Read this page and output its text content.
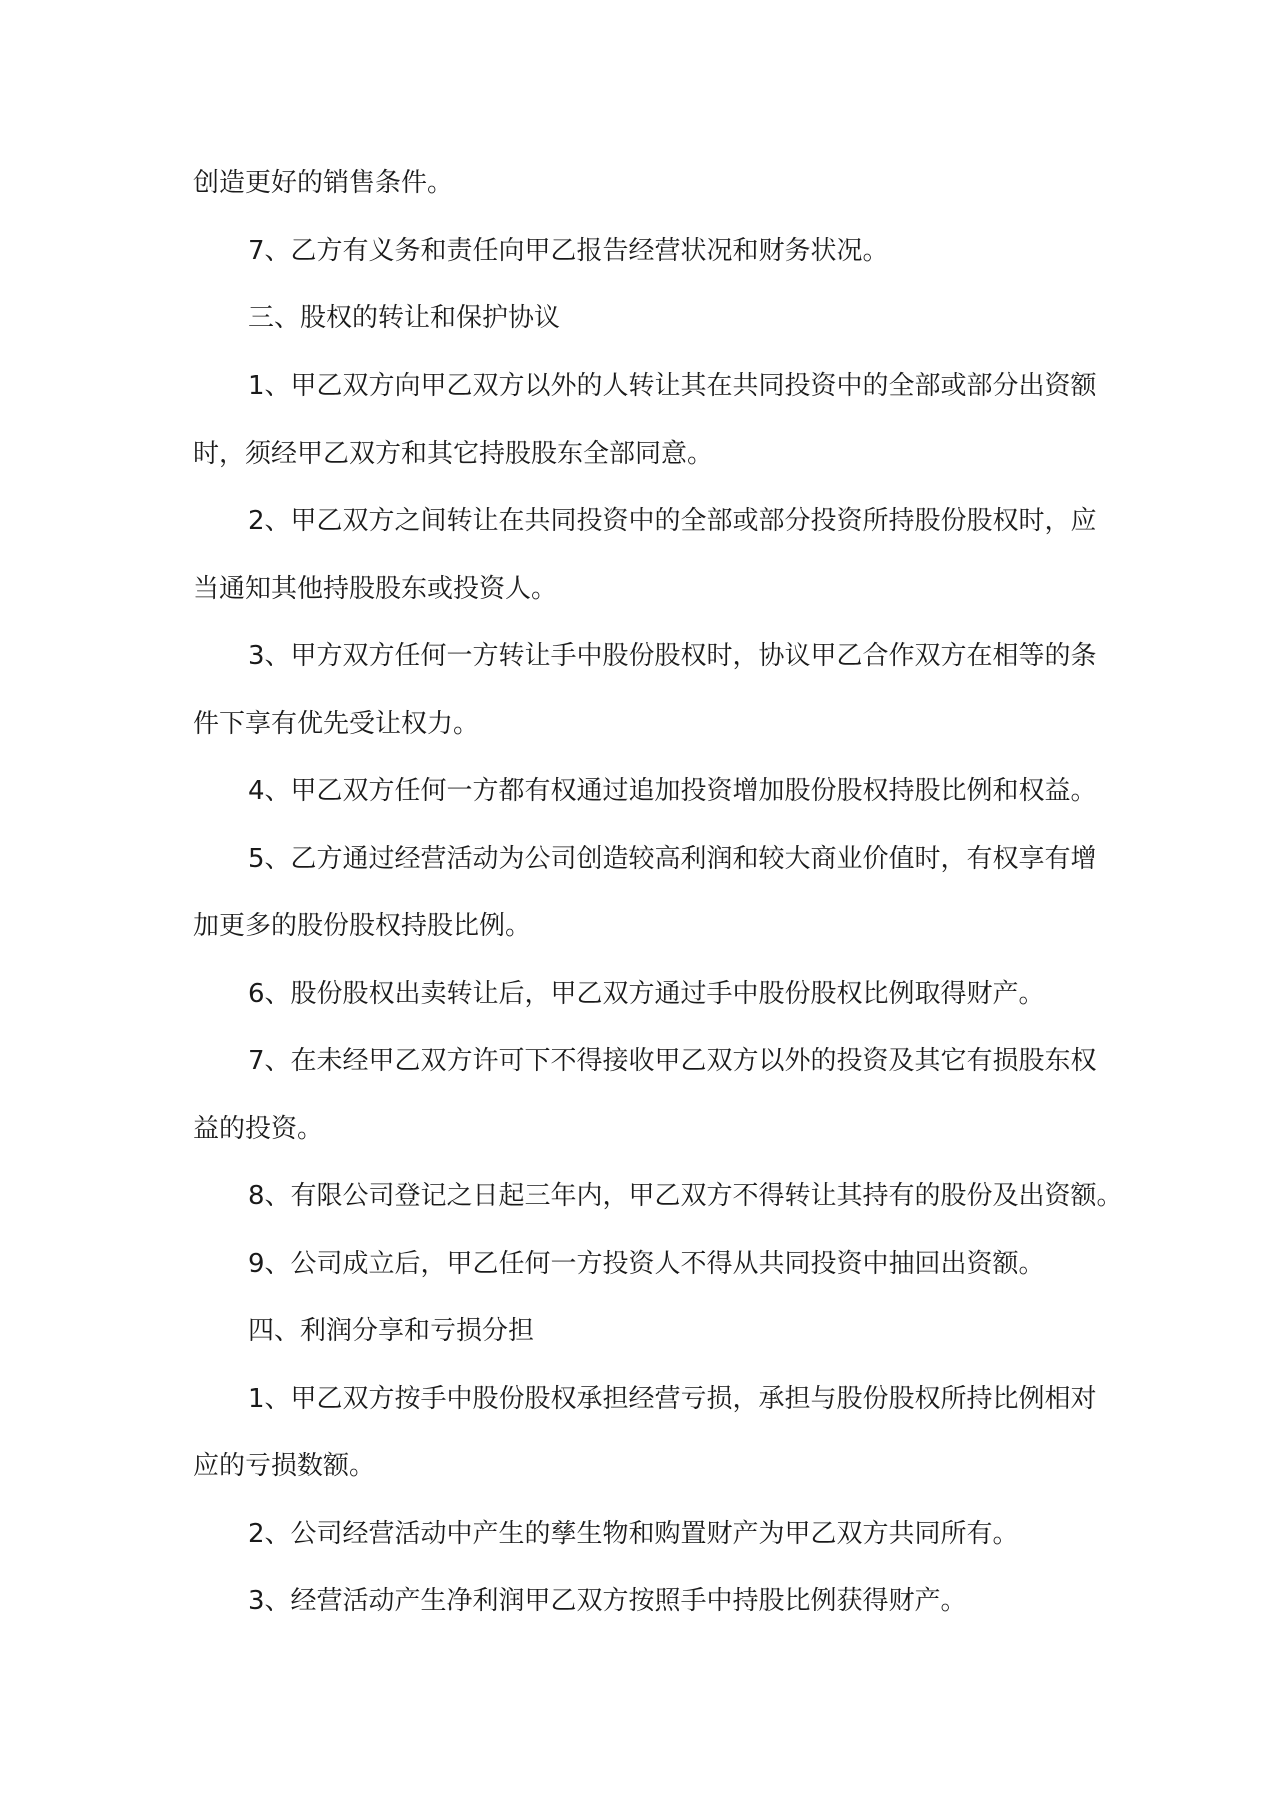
创造更好的销售条件。
7、乙方有义务和责任向甲乙报告经营状况和财务状况。
三、股权的转让和保护协议
1、甲乙双方向甲乙双方以外的人转让其在共同投资中的全部或部分出资额
时，须经甲乙双方和其它持股股东全部同意。
2、甲乙双方之间转让在共同投资中的全部或部分投资所持股份股权时，应
当通知其他持股股东或投资人。
3、甲方双方任何一方转让手中股份股权时，协议甲乙合作双方在相等的条
件下享有优先受让权力。
4、甲乙双方任何一方都有权通过追加投资增加股份股权持股比例和权益。
5、乙方通过经营活动为公司创造较高利润和较大商业价值时，有权享有增
加更多的股份股权持股比例。
6、股份股权出卖转让后，甲乙双方通过手中股份股权比例取得财产。
7、在未经甲乙双方许可下不得接收甲乙双方以外的投资及其它有损股东权
益的投资。
8、有限公司登记之日起三年内，甲乙双方不得转让其持有的股份及出资额。
9、公司成立后，甲乙任何一方投资人不得从共同投资中抽回出资额。
四、利润分享和亏损分担
1、甲乙双方按手中股份股权承担经营亏损，承担与股份股权所持比例相对
应的亏损数额。
2、公司经营活动中产生的孳生物和购置财产为甲乙双方共同所有。
3、经营活动产生净利润甲乙双方按照手中持股比例获得财产。
